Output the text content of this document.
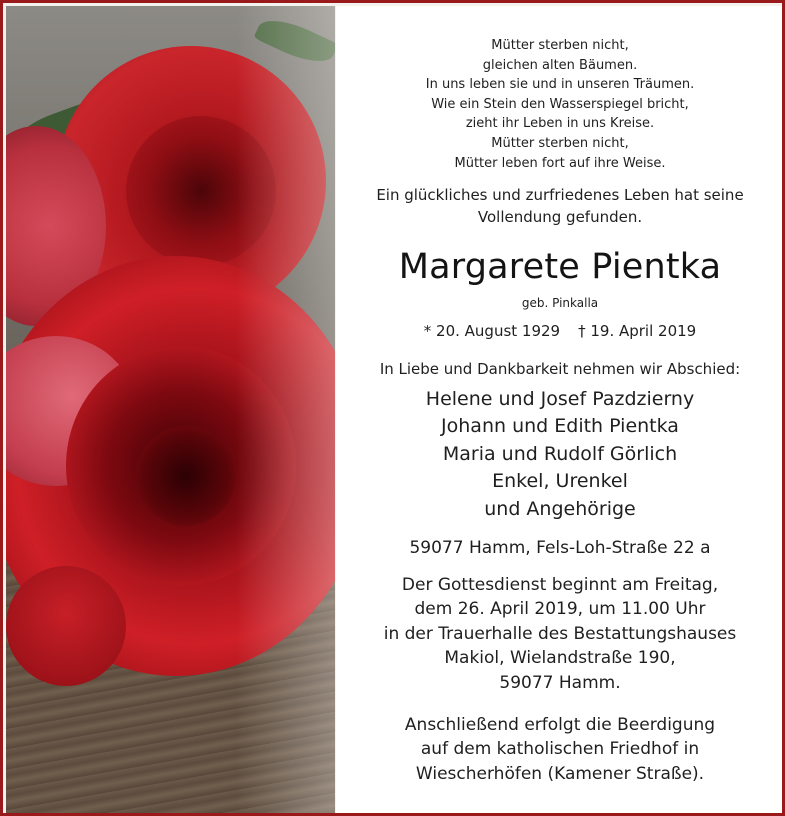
Mütter sterben nicht,
gleichen alten Bäumen.
In uns leben sie und in unseren Träumen.
Wie ein Stein den Wasserspiegel bricht,
zieht ihr Leben in uns Kreise.
Mütter sterben nicht,
Mütter leben fort auf ihre Weise.
Ein glückliches und zurfriedenes Leben hat seine
Vollendung gefunden.
Margarete Pientka
geb. Pinkalla
* 20. August 1929 † 19. April 2019
In Liebe und Dankbarkeit nehmen wir Abschied:
Helene und Josef Pazdzierny
Johann und Edith Pientka
Maria und Rudolf Görlich
Enkel, Urenkel
und Angehörige
59077 Hamm, Fels-Loh-Straße 22 a
Der Gottesdienst beginnt am Freitag,
dem 26. April 2019, um 11.00 Uhr
in der Trauerhalle des Bestattungshauses
Makiol, Wielandstraße 190,
59077 Hamm.
Anschließend erfolgt die Beerdigung
auf dem katholischen Friedhof in
Wiescherhöfen (Kamener Straße).
